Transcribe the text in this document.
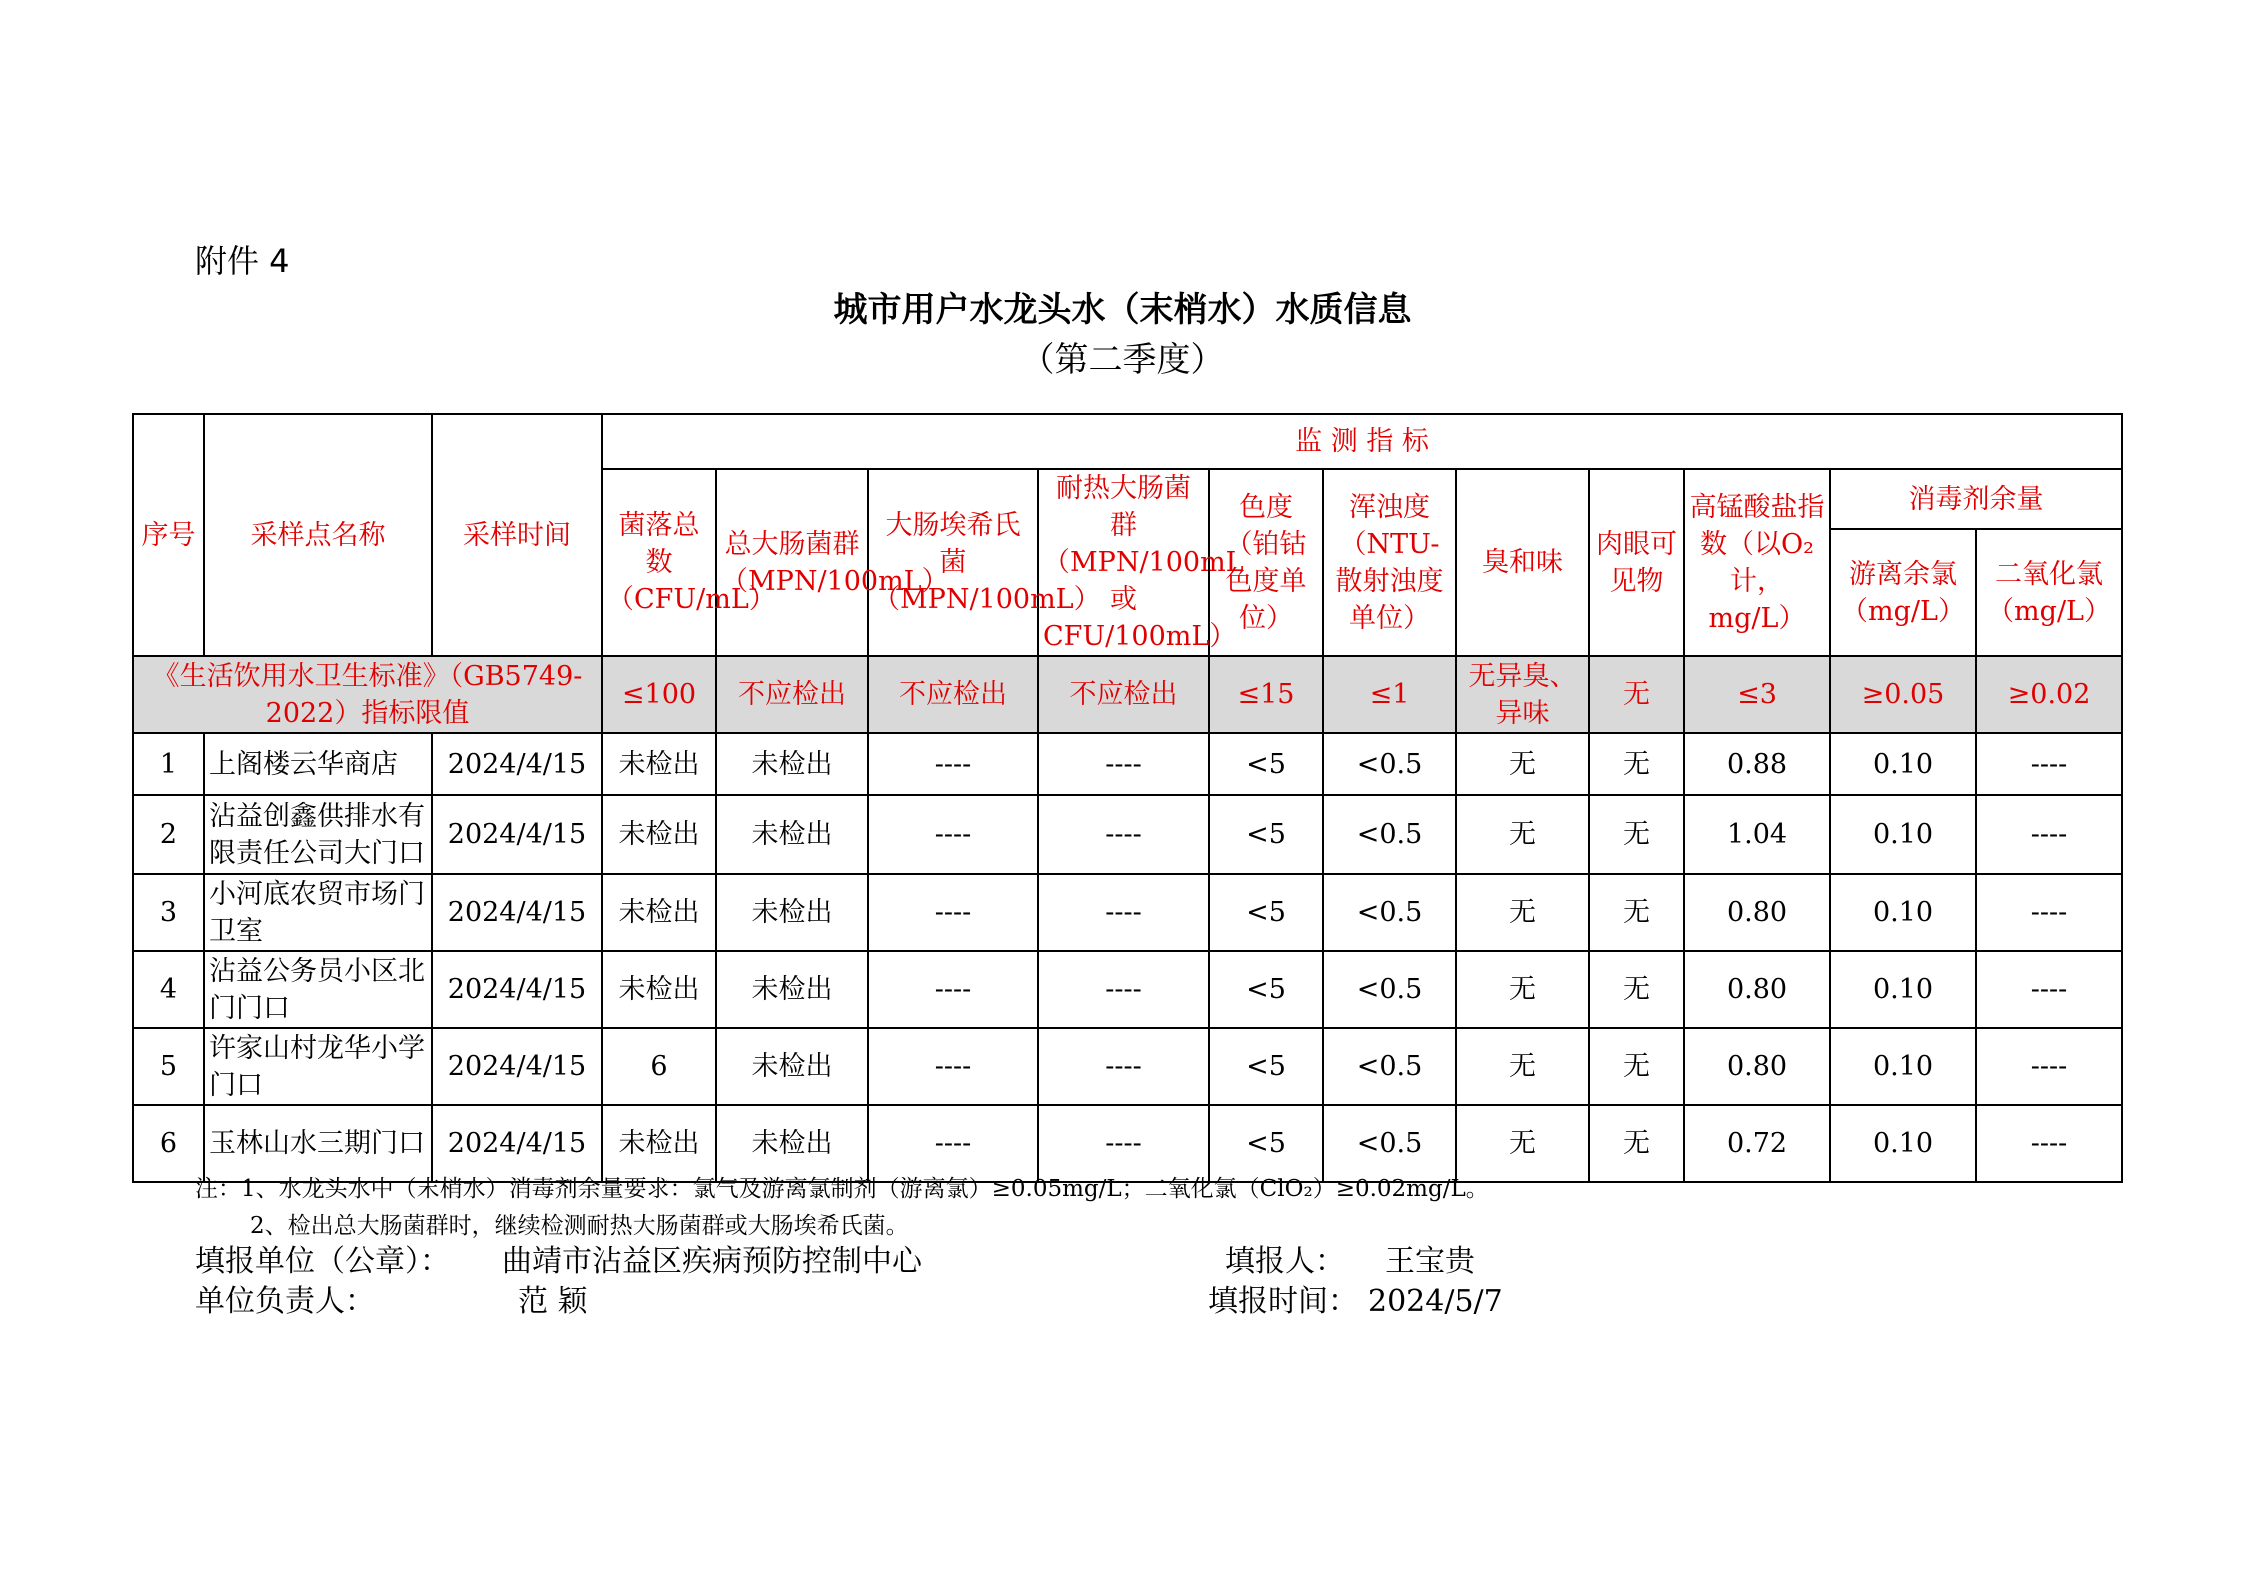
附件 4
城市用户水龙头水（末梢水）水质信息
（第二季度）
序号	采样点名称	采样时间	监 测 指 标										
			菌落总数（CFU/mL）	总大肠菌群（MPN/100mL）	大肠埃希氏菌（MPN/100mL）	耐热大肠菌群（MPN/100mL或CFU/100mL）	色度（铂钴色度单位）	浑浊度（NTU-散射浊度单位）	臭和味	肉眼可见物	高锰酸盐指数（以O₂计，mg/L）	消毒剂余量	
												游离余氯（mg/L）	二氧化氯（mg/L）
《生活饮用水卫生标准》（GB5749-2022）指标限值			≤100	不应检出	不应检出	不应检出	≤15	≤1	无异臭、异味	无	≤3	≥0.05	≥0.02
1	上阁楼云华商店	2024/4/15	未检出	未检出	----	----	<5	<0.5	无	无	0.88	0.10	----
2	沾益创鑫供排水有限责任公司大门口	2024/4/15	未检出	未检出	----	----	<5	<0.5	无	无	1.04	0.10	----
3	小河底农贸市场门卫室	2024/4/15	未检出	未检出	----	----	<5	<0.5	无	无	0.80	0.10	----
4	沾益公务员小区北门门口	2024/4/15	未检出	未检出	----	----	<5	<0.5	无	无	0.80	0.10	----
5	许家山村龙华小学门口	2024/4/15	6	未检出	----	----	<5	<0.5	无	无	0.80	0.10	----
6	玉林山水三期门口	2024/4/15	未检出	未检出	----	----	<5	<0.5	无	无	0.72	0.10	----
注：1、水龙头水中（末梢水）消毒剂余量要求：氯气及游离氯制剂（游离氯）≥0.05mg/L；二氧化氯（ClO₂）≥0.02mg/L。
2、检出总大肠菌群时，继续检测耐热大肠菌群或大肠埃希氏菌。
填报单位（公章）： 曲靖市沾益区疾病预防控制中心	填报人： 王宝贵
单位负责人：	范 颖	填报时间： 2024/5/7
